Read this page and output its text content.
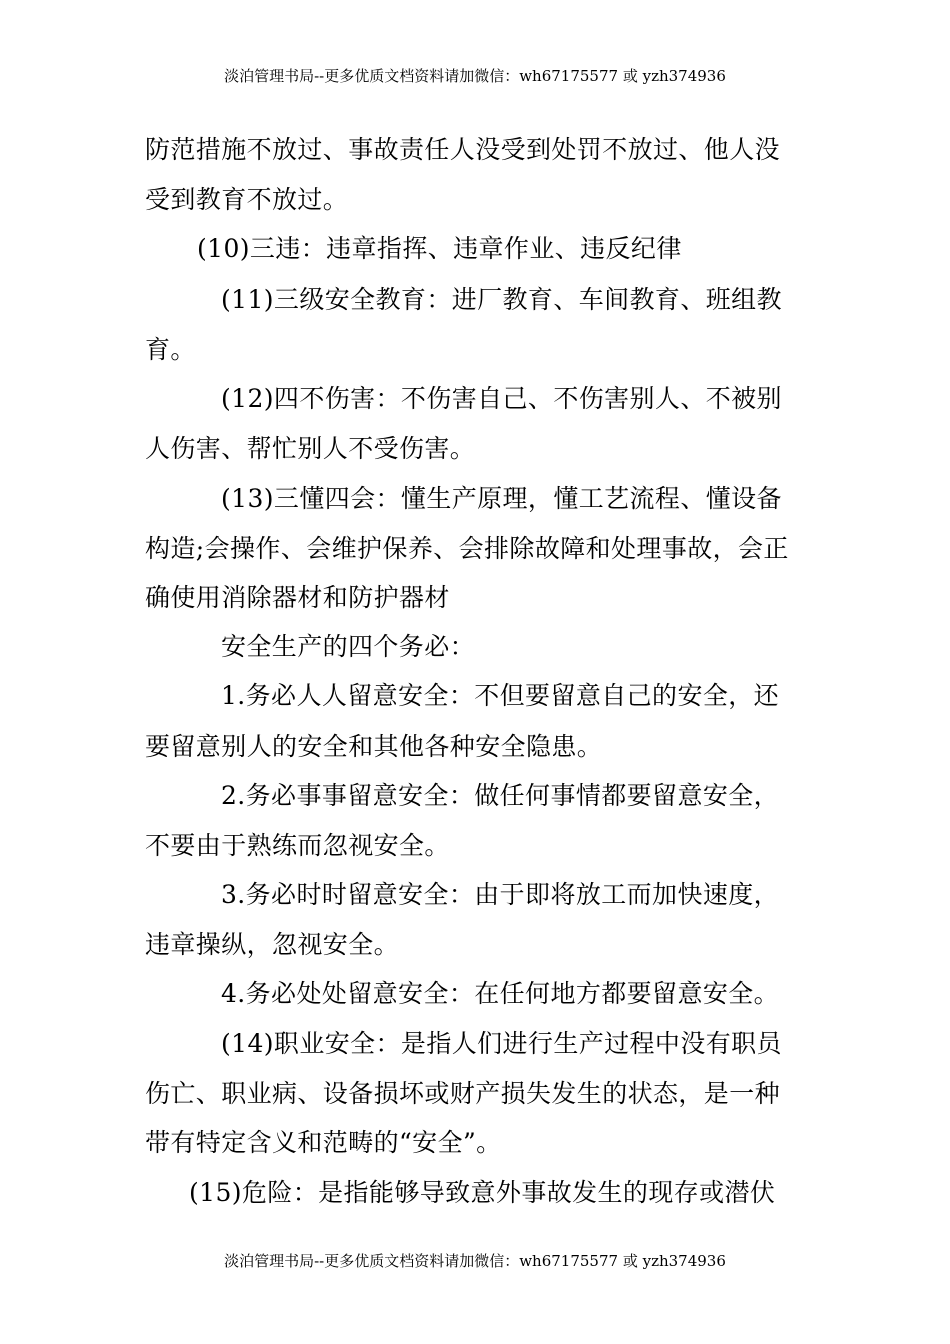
淡泊管理书局--更多优质文档资料请加微信：wh67175577 或 yzh374936
防范措施不放过、事故责任人没受到处罚不放过、他人没
受到教育不放过。
(10)三违：违章指挥、违章作业、违反纪律
(11)三级安全教育：进厂教育、车间教育、班组教
育。
(12)四不伤害：不伤害自己、不伤害别人、不被别
人伤害、帮忙别人不受伤害。
(13)三懂四会：懂生产原理，懂工艺流程、懂设备
构造;会操作、会维护保养、会排除故障和处理事故，会正
确使用消除器材和防护器材
安全生产的四个务必：
1.务必人人留意安全：不但要留意自己的安全，还
要留意别人的安全和其他各种安全隐患。
2.务必事事留意安全：做任何事情都要留意安全，
不要由于熟练而忽视安全。
3.务必时时留意安全：由于即将放工而加快速度，
违章操纵，忽视安全。
4.务必处处留意安全：在任何地方都要留意安全。
(14)职业安全：是指人们进行生产过程中没有职员
伤亡、职业病、设备损坏或财产损失发生的状态，是一种
带有特定含义和范畴的“安全”。
(15)危险：是指能够导致意外事故发生的现存或潜伏
淡泊管理书局--更多优质文档资料请加微信：wh67175577 或 yzh374936
